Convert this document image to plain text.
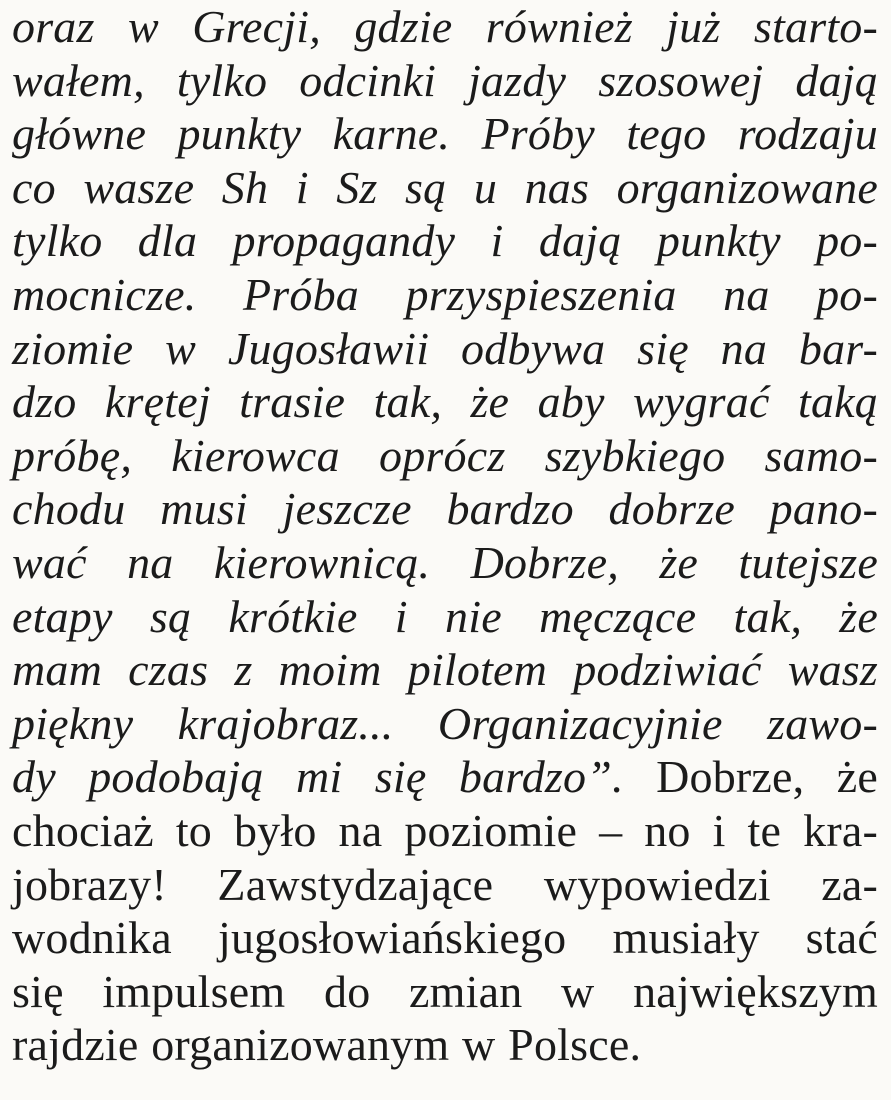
oraz w Grecji, gdzie również już starto-
wałem, tylko odcinki jazdy szosowej dają
główne punkty karne. Próby tego rodzaju
co wasze Sh i Sz są u nas organizowane
tylko dla propagandy i dają punkty po-
mocnicze. Próba przyspieszenia na po-
ziomie w Jugosławii odbywa się na bar-
dzo krętej trasie tak, że aby wygrać taką
próbę, kierowca oprócz szybkiego samo-
chodu musi jeszcze bardzo dobrze pano-
wać na kierownicą. Dobrze, że tutejsze
etapy są krótkie i nie męczące tak, że
mam czas z moim pilotem podziwiać wasz
piękny krajobraz... Organizacyjnie zawo-
dy podobają mi się bardzo”. Dobrze, że
chociaż to było na poziomie – no i te kra-
jobrazy! Zawstydzające wypowiedzi za-
wodnika jugosłowiańskiego musiały stać
się impulsem do zmian w największym
rajdzie organizowanym w Polsce.
